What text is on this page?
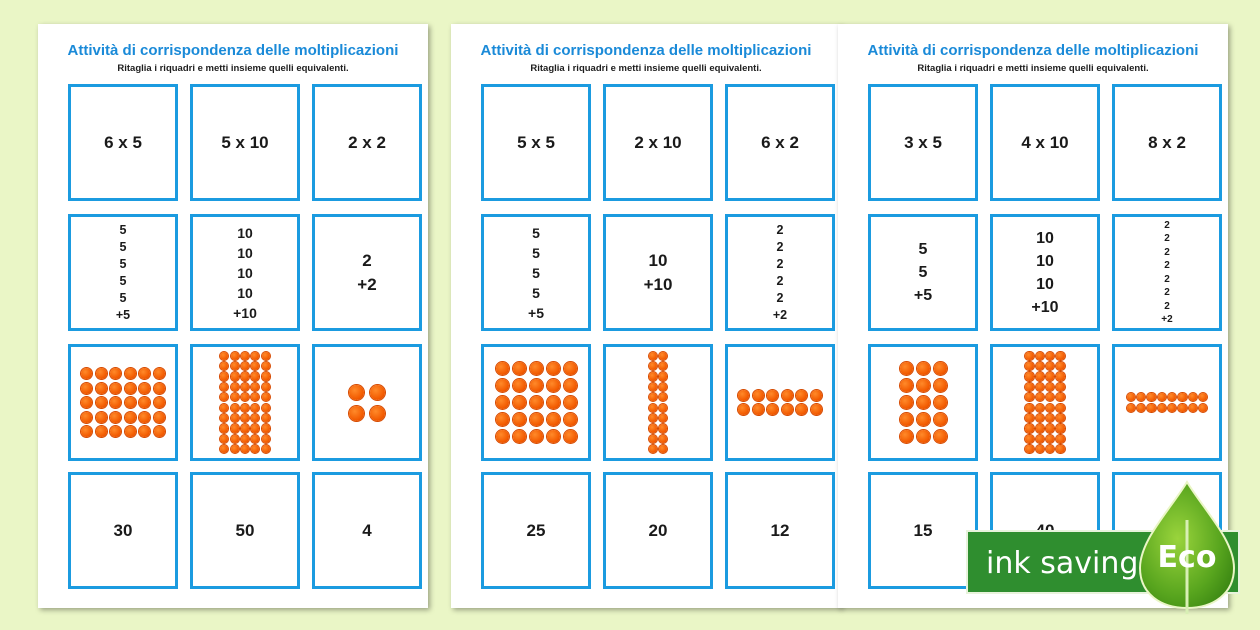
Attività di corrispondenza delle moltiplicazioni
Ritaglia i riquadri e metti insieme quelli equivalenti.
6 x 5	5 x 10	2 x 2
5
5
5
5
5
+5
10
10
10
10
+10
2
+2
30	50	4
Attività di corrispondenza delle moltiplicazioni
Ritaglia i riquadri e metti insieme quelli equivalenti.
5 x 5	2 x 10	6 x 2
5
5
5
5
+5
10
+10
2
2
2
2
2
+2
25	20	12
Attività di corrispondenza delle moltiplicazioni
Ritaglia i riquadri e metti insieme quelli equivalenti.
3 x 5	4 x 10	8 x 2
5
5
+5
10
10
10
+10
2
2
2
2
2
2
2
+2
15
ink saving Eco
